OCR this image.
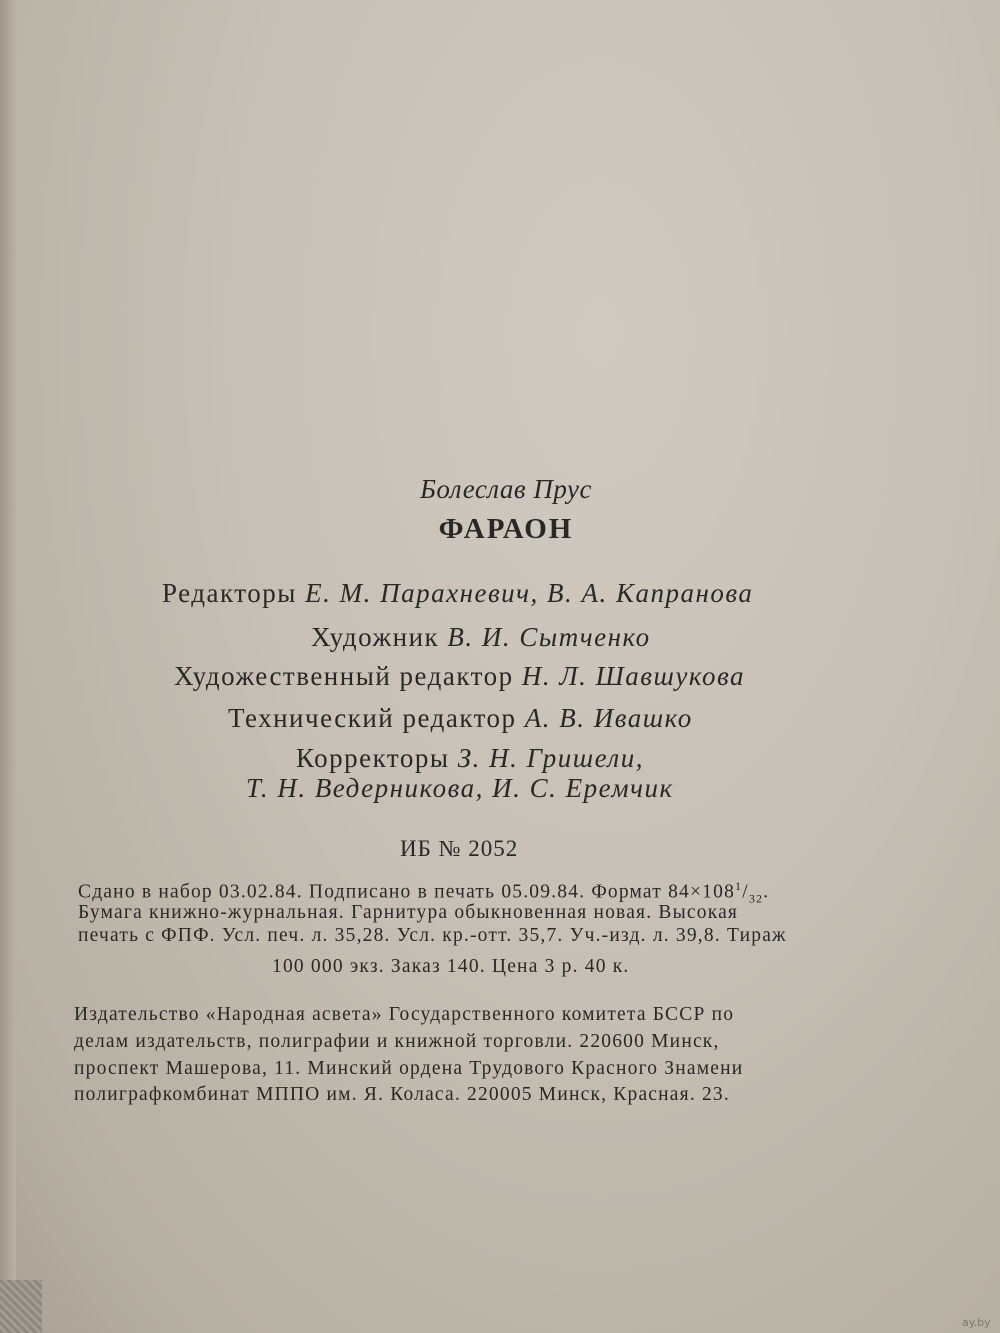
Болеслав Прус
ФАРАОН
Редакторы Е. М. Парахневич, В. А. Капранова
Художник В. И. Сытченко
Художественный редактор Н. Л. Шавшукова
Технический редактор А. В. Ивашко
Корректоры З. Н. Гришели,
Т. Н. Ведерникова, И. С. Еремчик
ИБ № 2052
Сдано в набор 03.02.84. Подписано в печать 05.09.84. Формат $84\times 108^1/_{32}$.
Бумага книжно-журнальная. Гарнитура обыкновенная новая. Высокая
печать с ФПФ. Усл. печ. л. 35,28. Усл. кр.-отт. 35,7. Уч.-изд. л. 39,8. Тираж
100 000 экз. Заказ 140. Цена 3 р. 40 к.
Издательство «Народная асвета» Государственного комитета БССР по
делам издательств, полиграфии и книжной торговли. 220600 Минск,
проспект Машерова, 11. Минский ордена Трудового Красного Знамени
полиграфкомбинат МППО им. Я. Коласа. 220005 Минск, Красная. 23.
ay.by
